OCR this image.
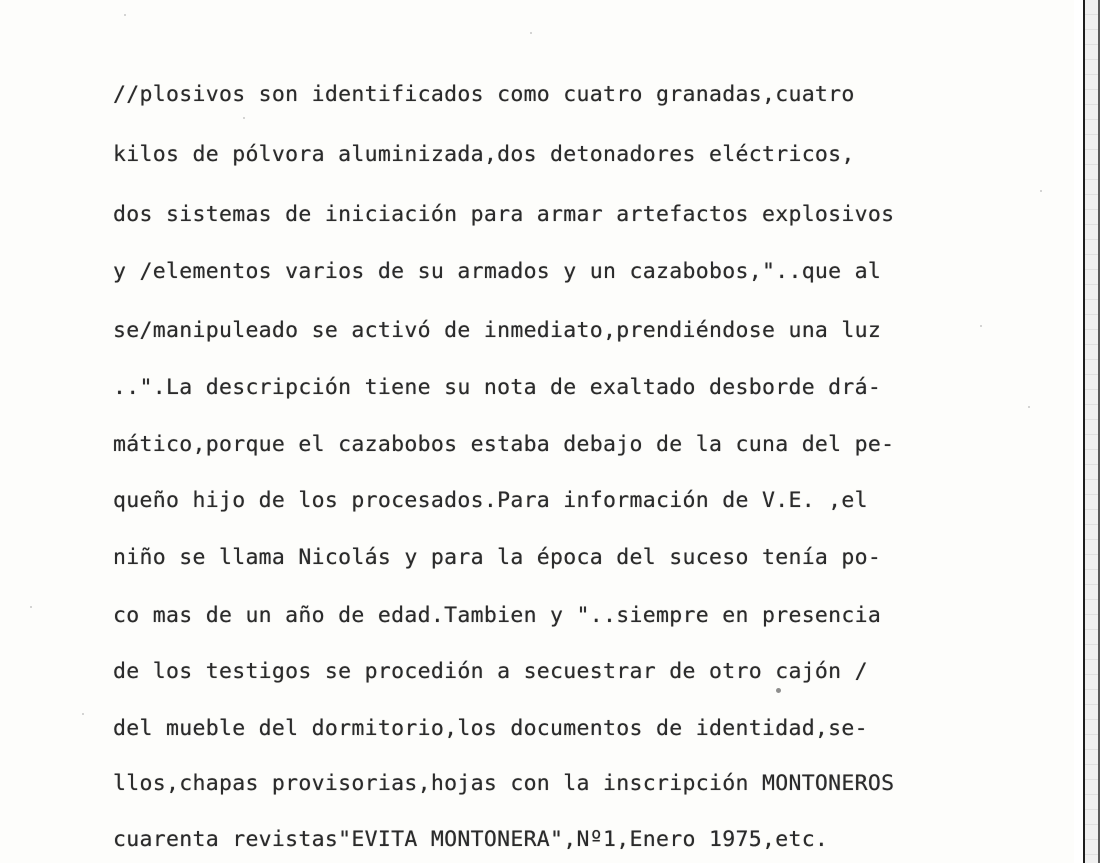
//plosivos son identificados como cuatro granadas,cuatro
kilos de pólvora aluminizada,dos detonadores eléctricos,
dos sistemas de iniciación para armar artefactos explosivos
y /elementos varios de su armados y un cazabobos,"..que al
se/manipuleado se activó de inmediato,prendiéndose una luz
..".La descripción tiene su nota de exaltado desborde drá-
mático,porque el cazabobos estaba debajo de la cuna del pe-
queño hijo de los procesados.Para información de V.E. ,el
niño se llama Nicolás y para la época del suceso tenía po-
co mas de un año de edad.Tambien y "..siempre en presencia
de los testigos se procedión a secuestrar de otro cajón /
del mueble del dormitorio,los documentos de identidad,se-
llos,chapas provisorias,hojas con la inscripción MONTONEROS
cuarenta revistas"EVITA MONTONERA",Nº1,Enero 1975,etc.
